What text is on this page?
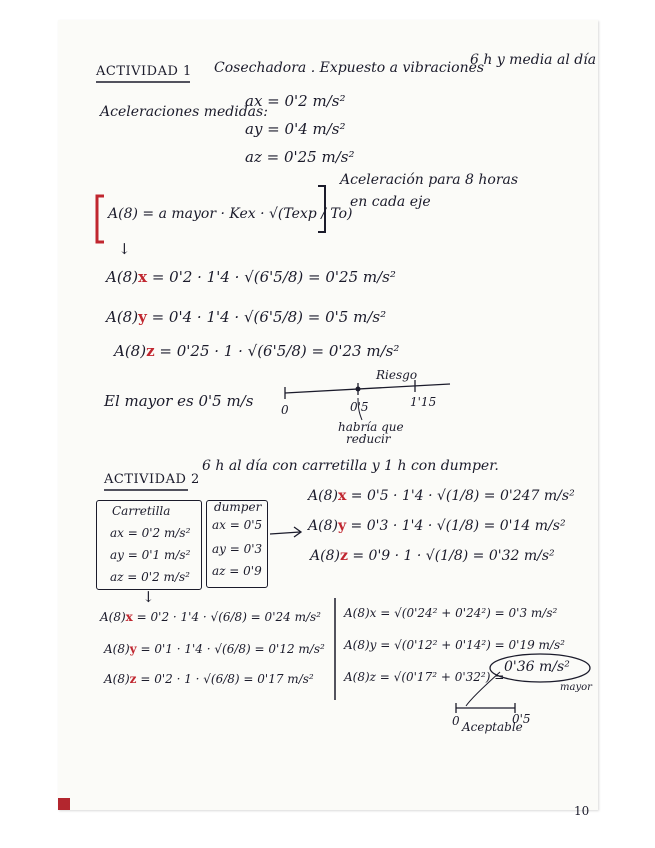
ACTIVIDAD 1 Cosechadora . Expuesto a vibraciones
6 h y media al día
Aceleraciones medidas:
ax = 0'2 m/s²
ay = 0'4 m/s²
az = 0'25 m/s²
A(8) = a mayor · Kex · √(Texp / To)
Aceleración para 8 horas
en cada eje
↓
A(8)x = 0'2 · 1'4 · √(6'5/8) = 0'25 m/s²
A(8)y = 0'4 · 1'4 · √(6'5/8) = 0'5 m/s²
A(8)z = 0'25 · 1 · √(6'5/8) = 0'23 m/s²
El mayor es 0'5 m/s
Riesgo
0	0'5	1'15
habría que
reducir
ACTIVIDAD 2
6 h al día con carretilla y 1 h con dumper.
Carretilla
ax = 0'2 m/s²
ay = 0'1 m/s²
az = 0'2 m/s²
dumper
ax = 0'5
ay = 0'3
az = 0'9
A(8)x = 0'5 · 1'4 · √(1/8) = 0'247 m/s²
A(8)y = 0'3 · 1'4 · √(1/8) = 0'14 m/s²
A(8)z = 0'9 · 1 · √(1/8) = 0'32 m/s²
↓
A(8)x = 0'2 · 1'4 · √(6/8) = 0'24 m/s²
A(8)y = 0'1 · 1'4 · √(6/8) = 0'12 m/s²
A(8)z = 0'2 · 1 · √(6/8) = 0'17 m/s²
A(8)x = √(0'24² + 0'24²) = 0'3 m/s²
A(8)y = √(0'12² + 0'14²) = 0'19 m/s²
A(8)z = √(0'17² + 0'32²) =
0'36 m/s²
mayor
0 Aceptable
0'5
10
